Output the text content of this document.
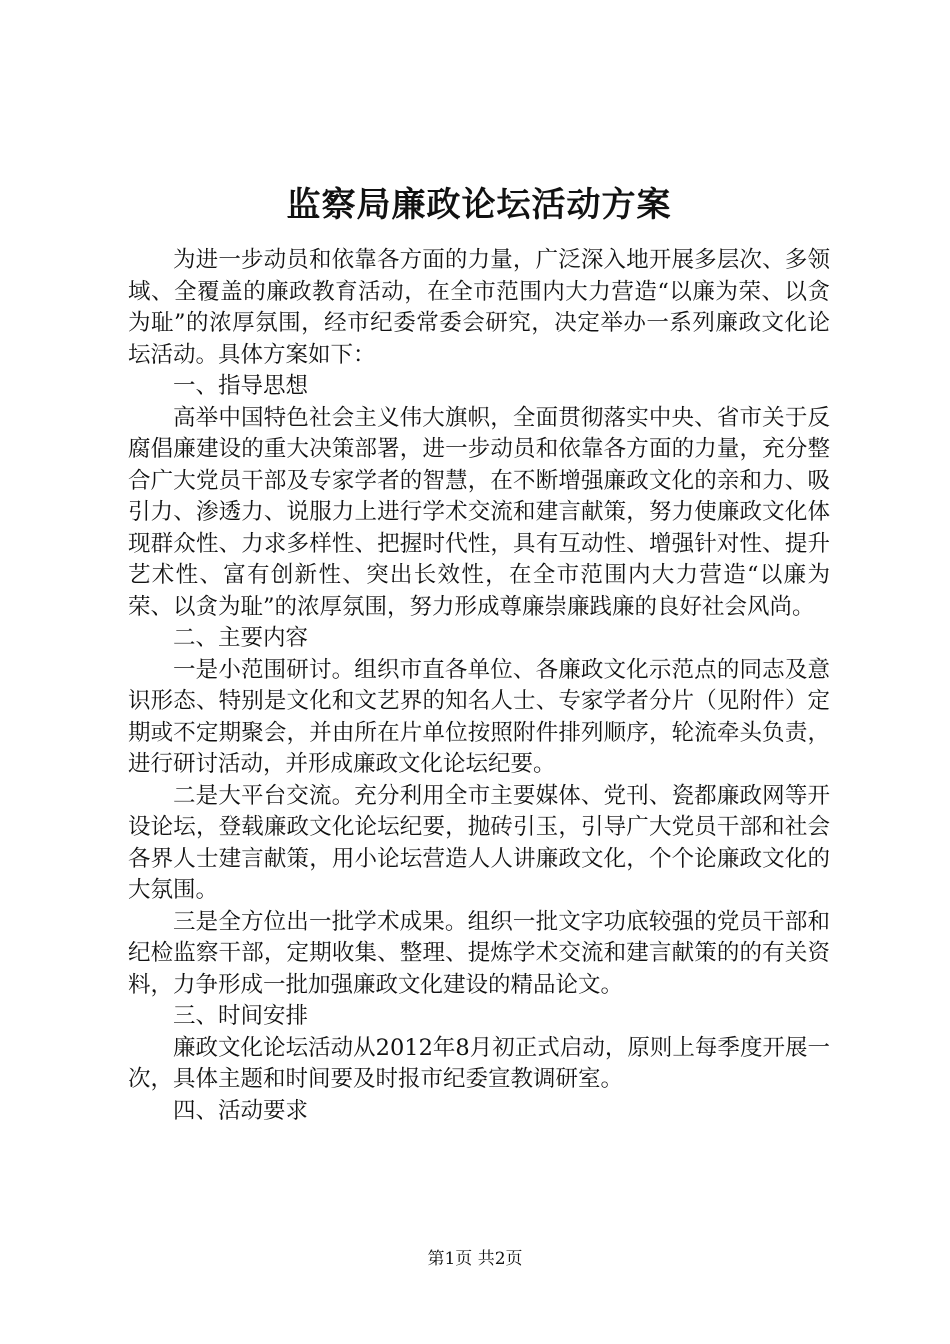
监察局廉政论坛活动方案

为进一步动员和依靠各方面的力量，广泛深入地开展多层次、多领域、全覆盖的廉政教育活动，在全市范围内大力营造“以廉为荣、以贪为耻”的浓厚氛围，经市纪委常委会研究，决定举办一系列廉政文化论坛活动。具体方案如下：

一、指导思想

高举中国特色社会主义伟大旗帜，全面贯彻落实中央、省市关于反腐倡廉建设的重大决策部署，进一步动员和依靠各方面的力量，充分整合广大党员干部及专家学者的智慧，在不断增强廉政文化的亲和力、吸引力、渗透力、说服力上进行学术交流和建言献策，努力使廉政文化体现群众性、力求多样性、把握时代性，具有互动性、增强针对性、提升艺术性、富有创新性、突出长效性，在全市范围内大力营造“以廉为荣、以贪为耻”的浓厚氛围，努力形成尊廉崇廉践廉的良好社会风尚。

二、主要内容

一是小范围研讨。组织市直各单位、各廉政文化示范点的同志及意识形态、特别是文化和文艺界的知名人士、专家学者分片（见附件）定期或不定期聚会，并由所在片单位按照附件排列顺序，轮流牵头负责，进行研讨活动，并形成廉政文化论坛纪要。

二是大平台交流。充分利用全市主要媒体、党刊、瓷都廉政网等开设论坛，登载廉政文化论坛纪要，抛砖引玉，引导广大党员干部和社会各界人士建言献策，用小论坛营造人人讲廉政文化，个个论廉政文化的大氛围。

三是全方位出一批学术成果。组织一批文字功底较强的党员干部和纪检监察干部，定期收集、整理、提炼学术交流和建言献策的的有关资料，力争形成一批加强廉政文化建设的精品论文。

三、时间安排

廉政文化论坛活动从2012年8月初正式启动，原则上每季度开展一次，具体主题和时间要及时报市纪委宣教调研室。

四、活动要求

第1页 共2页
